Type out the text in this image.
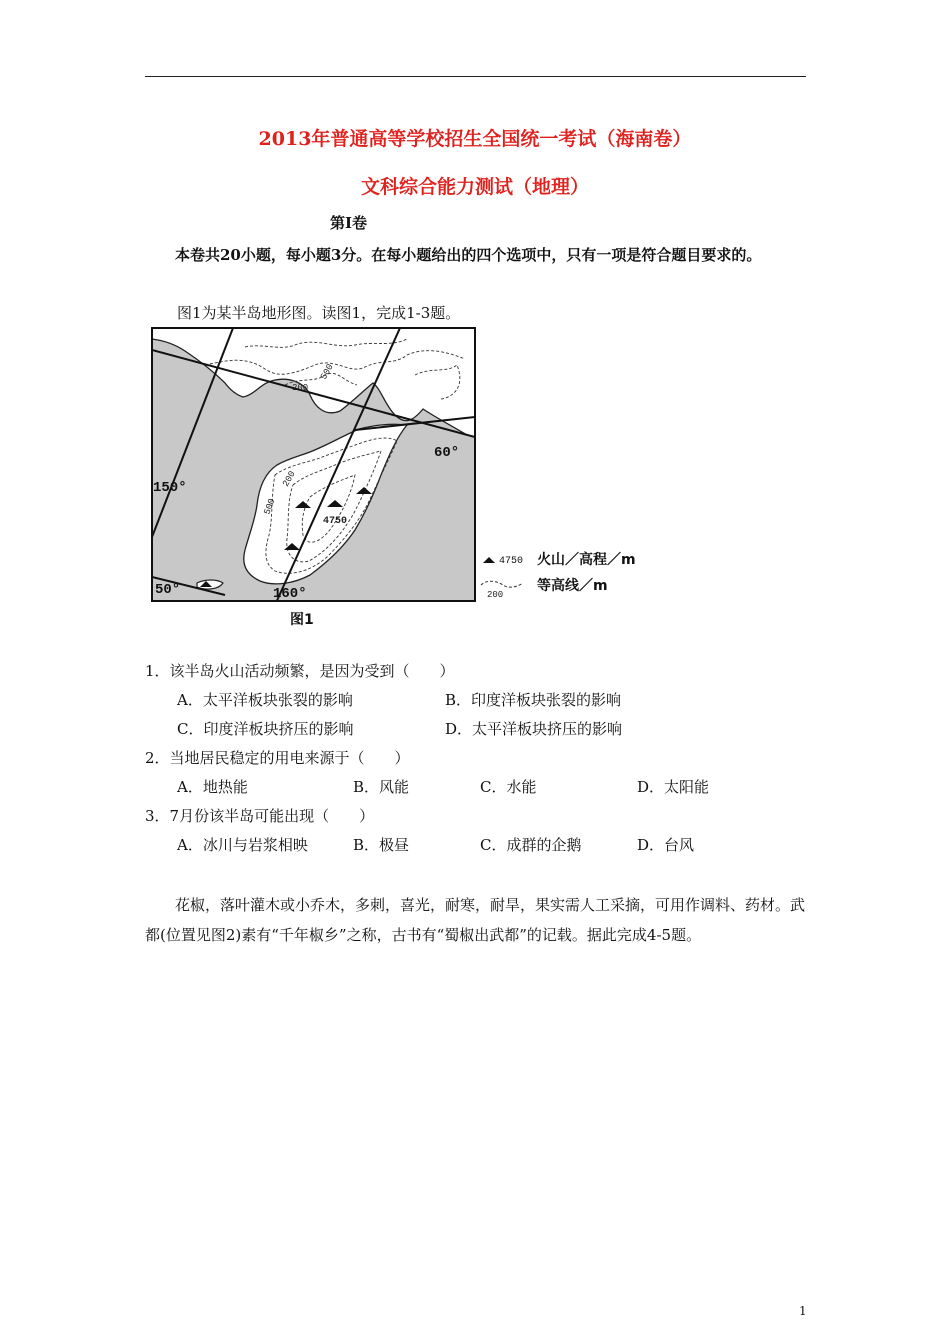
2013年普通高等学校招生全国统一考试（海南卷）
文科综合能力测试（地理）
第Ⅰ卷
本卷共20小题，每小题3分。在每小题给出的四个选项中，只有一项是符合题目要求的。
图1为某半岛地形图。读图1，完成1-3题。
150°
160°
60°
50°
200
500
200
500
4750
4750 火山／高程／m
200
等高线／m
图1
1．该半岛火山活动频繁，是因为受到（　　）
A．太平洋板块张裂的影响	B．印度洋板块张裂的影响
C．印度洋板块挤压的影响	D．太平洋板块挤压的影响
2．当地居民稳定的用电来源于（　　）
A．地热能	B．风能	C．水能	D．太阳能
3．7月份该半岛可能出现（　　）
A．冰川与岩浆相映	B．极昼	C．成群的企鹅	D．台风
花椒，落叶灌木或小乔木，多刺，喜光，耐寒，耐旱，果实需人工采摘，可用作调料、药材。武都(位置见图2)素有“千年椒乡”之称，古书有“蜀椒出武都”的记载。据此完成4-5题。
1
